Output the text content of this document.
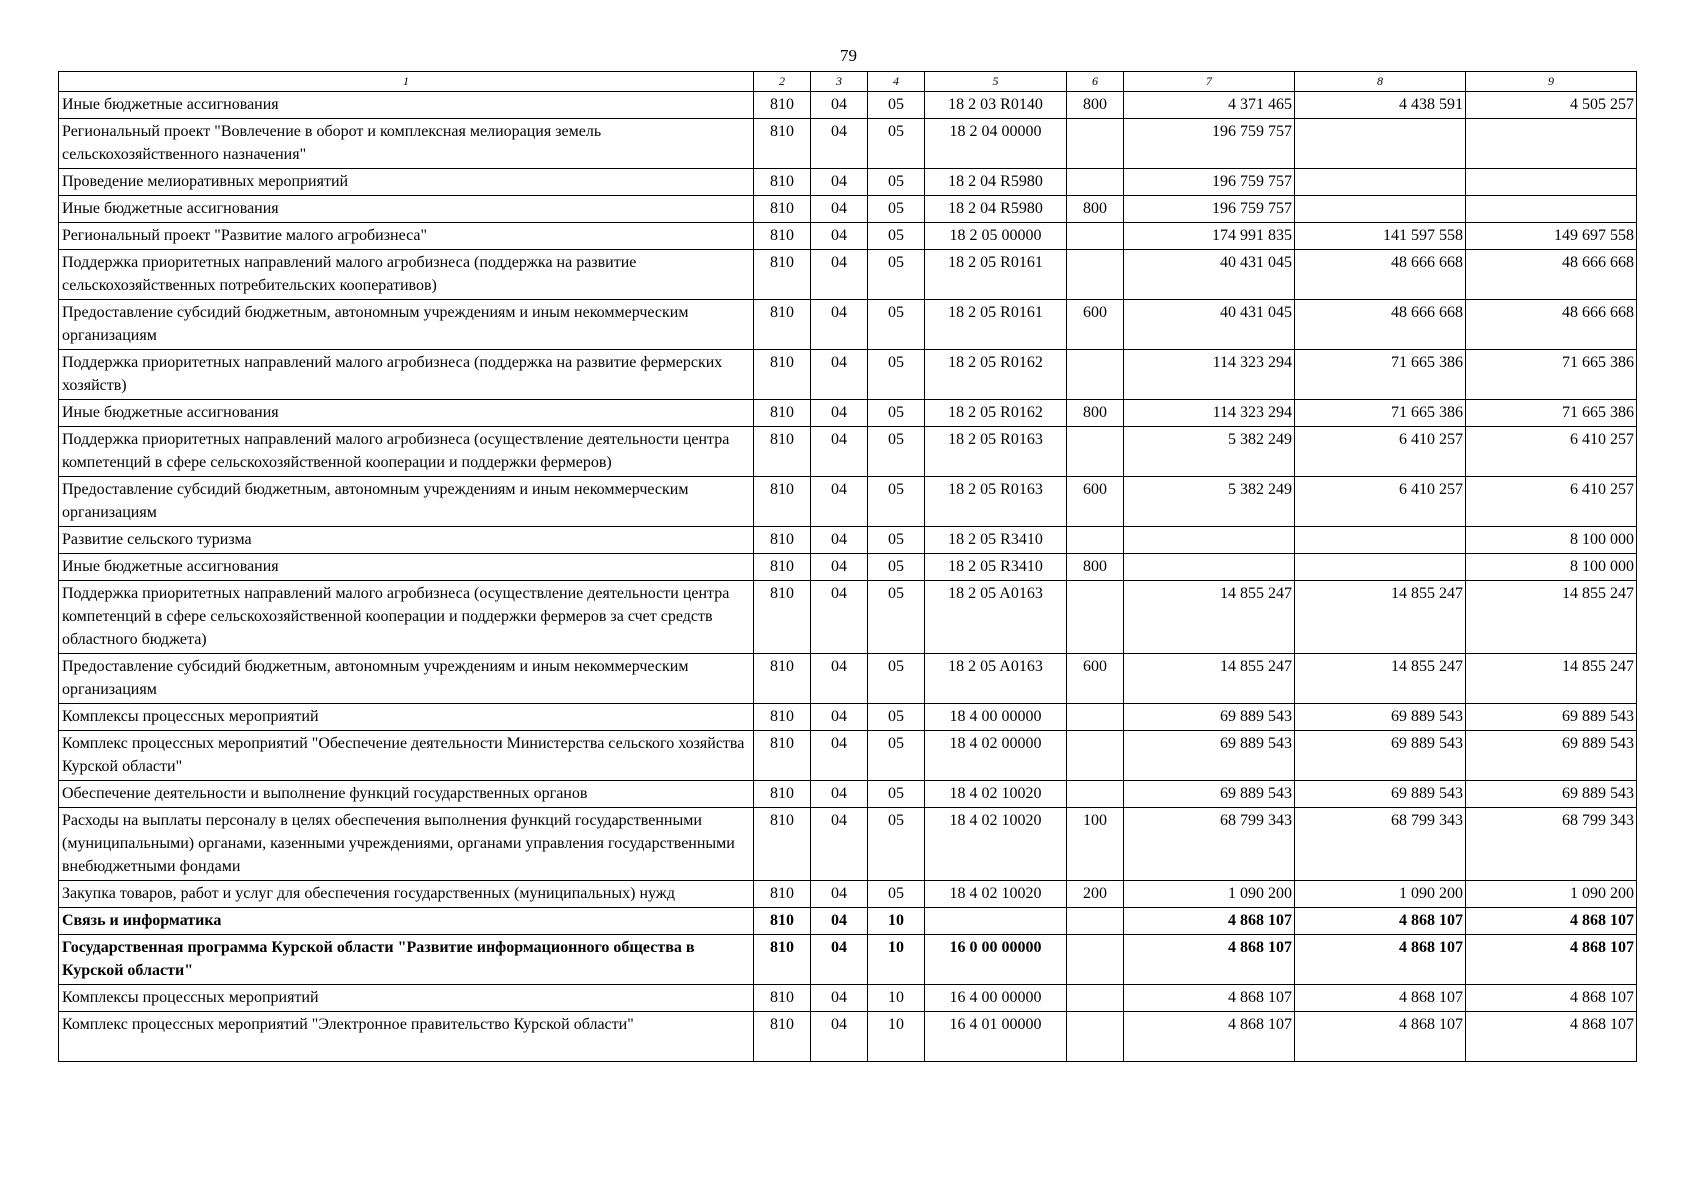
79
1	2	3	4	5	6	7	8	9
Иные бюджетные ассигнования	810	04	05	18 2 03 R0140	800	4 371 465	4 438 591	4 505 257
Региональный проект "Вовлечение в оборот и комплексная мелиорация земель сельскохозяйственного назначения"	810	04	05	18 2 04 00000		196 759 757		
Проведение мелиоративных мероприятий	810	04	05	18 2 04 R5980		196 759 757		
Иные бюджетные ассигнования	810	04	05	18 2 04 R5980	800	196 759 757		
Региональный проект "Развитие малого агробизнеса"	810	04	05	18 2 05 00000		174 991 835	141 597 558	149 697 558
Поддержка приоритетных направлений малого агробизнеса (поддержка на развитие сельскохозяйственных потребительских кооперативов)	810	04	05	18 2 05 R0161		40 431 045	48 666 668	48 666 668
Предоставление субсидий бюджетным, автономным учреждениям и иным некоммерческим организациям	810	04	05	18 2 05 R0161	600	40 431 045	48 666 668	48 666 668
Поддержка приоритетных направлений малого агробизнеса (поддержка на развитие фермерских хозяйств)	810	04	05	18 2 05 R0162		114 323 294	71 665 386	71 665 386
Иные бюджетные ассигнования	810	04	05	18 2 05 R0162	800	114 323 294	71 665 386	71 665 386
Поддержка приоритетных направлений малого агробизнеса (осуществление деятельности центра компетенций в сфере сельскохозяйственной кооперации и поддержки фермеров)	810	04	05	18 2 05 R0163		5 382 249	6 410 257	6 410 257
Предоставление субсидий бюджетным, автономным учреждениям и иным некоммерческим организациям	810	04	05	18 2 05 R0163	600	5 382 249	6 410 257	6 410 257
Развитие сельского туризма	810	04	05	18 2 05 R3410				8 100 000
Иные бюджетные ассигнования	810	04	05	18 2 05 R3410	800			8 100 000
Поддержка приоритетных направлений малого агробизнеса (осуществление деятельности центра компетенций в сфере сельскохозяйственной кооперации и поддержки фермеров за счет средств областного бюджета)	810	04	05	18 2 05 A0163		14 855 247	14 855 247	14 855 247
Предоставление субсидий бюджетным, автономным учреждениям и иным некоммерческим организациям	810	04	05	18 2 05 A0163	600	14 855 247	14 855 247	14 855 247
Комплексы процессных мероприятий	810	04	05	18 4 00 00000		69 889 543	69 889 543	69 889 543
Комплекс процессных мероприятий "Обеспечение деятельности Министерства сельского хозяйства Курской области"	810	04	05	18 4 02 00000		69 889 543	69 889 543	69 889 543
Обеспечение деятельности и выполнение функций государственных органов	810	04	05	18 4 02 10020		69 889 543	69 889 543	69 889 543
Расходы на выплаты персоналу в целях обеспечения выполнения функций государственными (муниципальными) органами, казенными учреждениями, органами управления государственными внебюджетными фондами	810	04	05	18 4 02 10020	100	68 799 343	68 799 343	68 799 343
Закупка товаров, работ и услуг для обеспечения государственных (муниципальных) нужд	810	04	05	18 4 02 10020	200	1 090 200	1 090 200	1 090 200
Связь и информатика	810	04	10			4 868 107	4 868 107	4 868 107
Государственная программа Курской области "Развитие информационного общества в Курской области"	810	04	10	16 0 00 00000		4 868 107	4 868 107	4 868 107
Комплексы процессных мероприятий	810	04	10	16 4 00 00000		4 868 107	4 868 107	4 868 107
Комплекс процессных мероприятий "Электронное правительство Курской области"	810	04	10	16 4 01 00000		4 868 107	4 868 107	4 868 107
